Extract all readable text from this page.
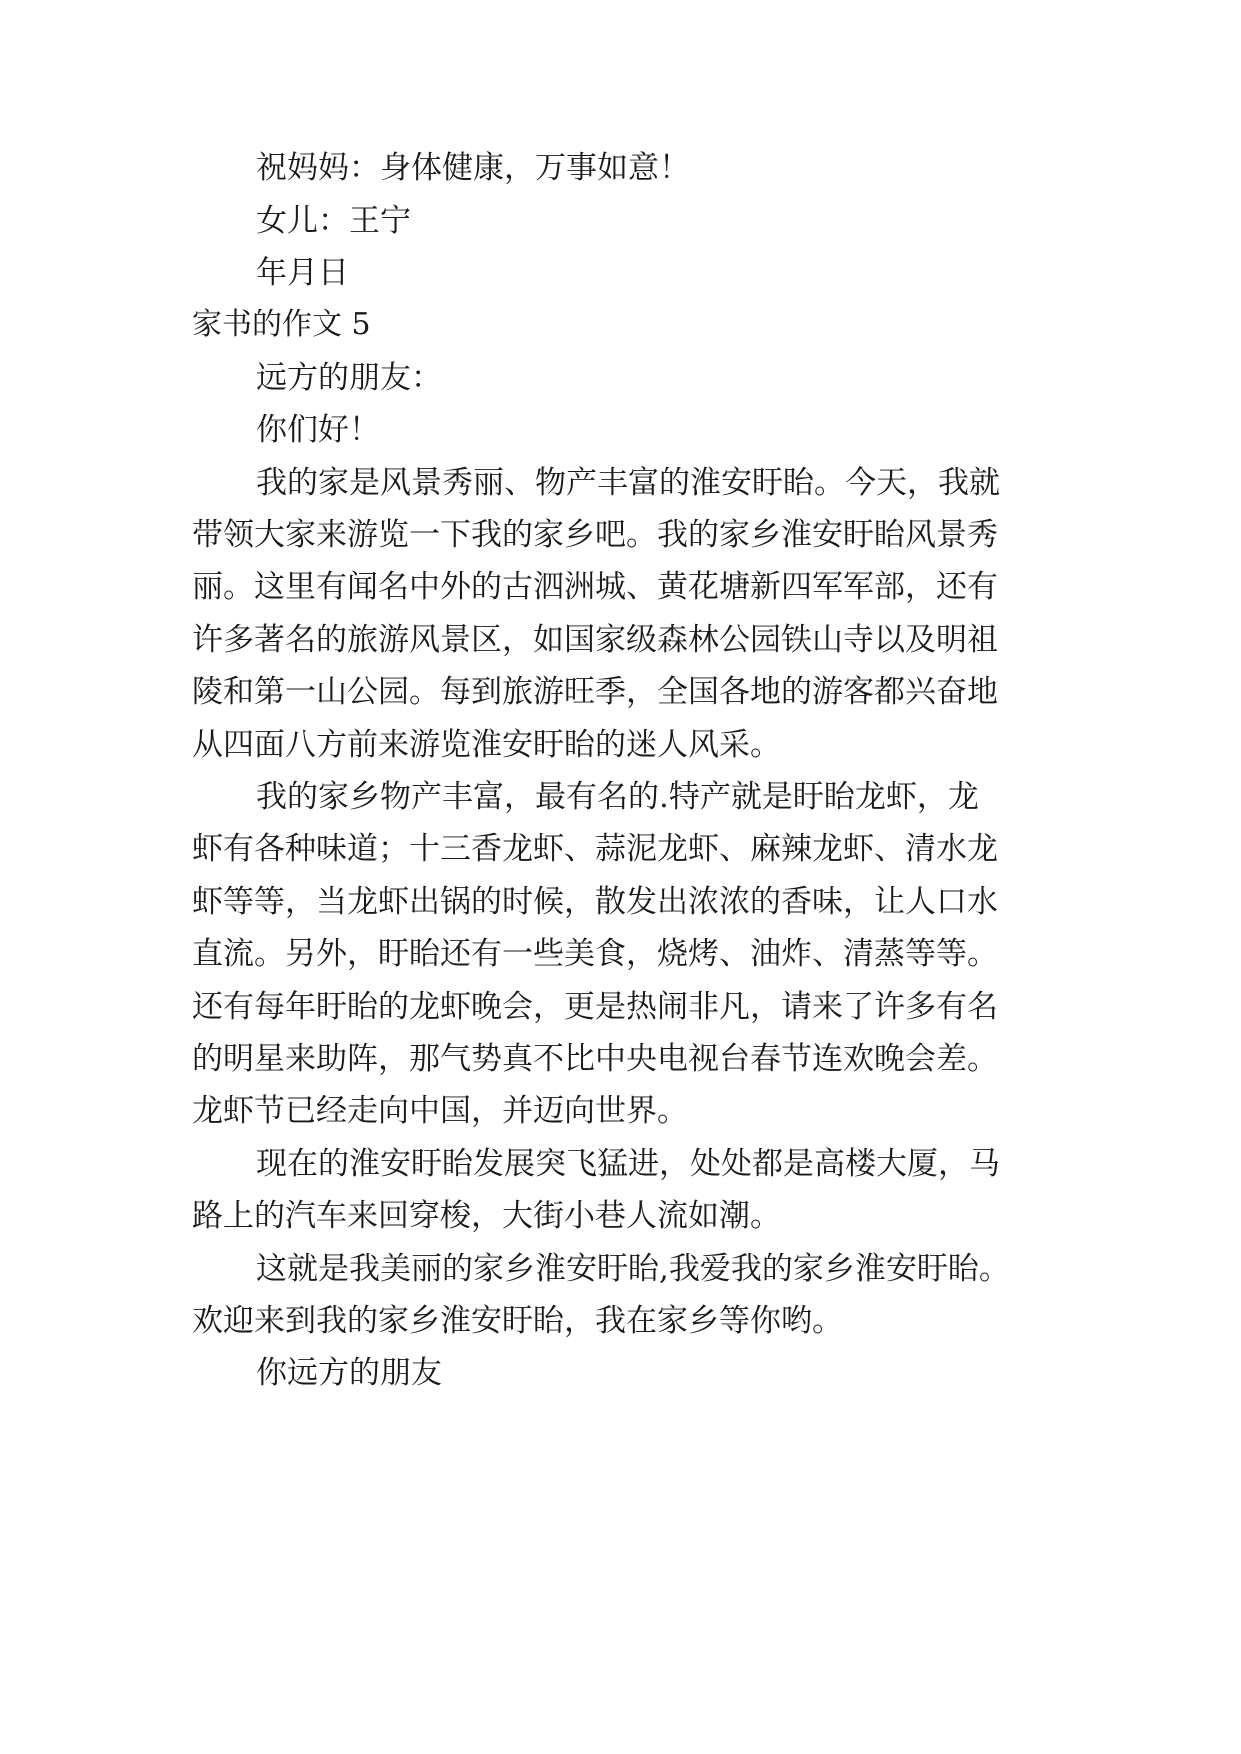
祝妈妈：身体健康，万事如意！
女儿：王宁
年月日
家书的作文 5
远方的朋友：
你们好！
我的家是风景秀丽、物产丰富的淮安盱眙。今天，我就
带领大家来游览一下我的家乡吧。我的家乡淮安盱眙风景秀
丽。这里有闻名中外的古泗洲城、黄花塘新四军军部，还有
许多著名的旅游风景区，如国家级森林公园铁山寺以及明祖
陵和第一山公园。每到旅游旺季，全国各地的游客都兴奋地
从四面八方前来游览淮安盱眙的迷人风采。
我的家乡物产丰富，最有名的.特产就是盱眙龙虾，龙
虾有各种味道；十三香龙虾、蒜泥龙虾、麻辣龙虾、清水龙
虾等等，当龙虾出锅的时候，散发出浓浓的香味，让人口水
直流。另外，盱眙还有一些美食，烧烤、油炸、清蒸等等。
还有每年盱眙的龙虾晚会，更是热闹非凡，请来了许多有名
的明星来助阵，那气势真不比中央电视台春节连欢晚会差。
龙虾节已经走向中国，并迈向世界。
现在的淮安盱眙发展突飞猛进，处处都是高楼大厦，马
路上的汽车来回穿梭，大街小巷人流如潮。
这就是我美丽的家乡淮安盱眙,我爱我的家乡淮安盱眙。
欢迎来到我的家乡淮安盱眙，我在家乡等你哟。
你远方的朋友
